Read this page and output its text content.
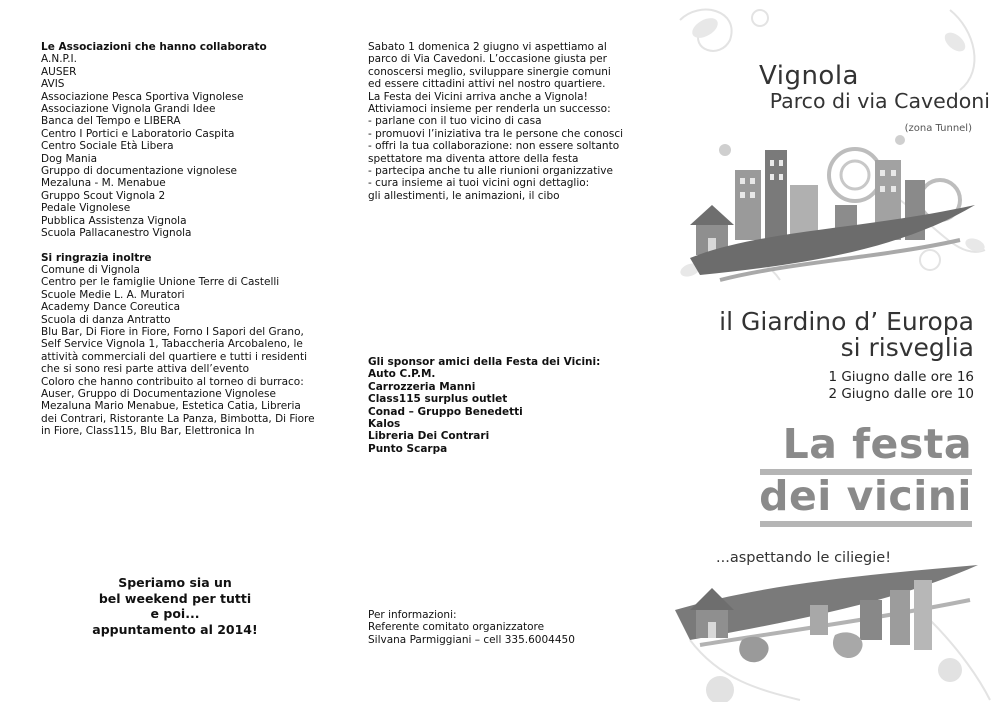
Le Associazioni che hanno collaborato
A.N.P.I.
AUSER
AVIS
Associazione Pesca Sportiva Vignolese
Associazione Vignola Grandi Idee
Banca del Tempo e LIBERA
Centro I Portici e Laboratorio Caspita
Centro Sociale Età Libera
Dog Mania
Gruppo di documentazione vignolese
Mezaluna - M. Menabue
Gruppo Scout Vignola 2
Pedale Vignolese
Pubblica Assistenza Vignola
Scuola Pallacanestro Vignola
Si ringrazia inoltre
Comune di Vignola
Centro per le famiglie Unione Terre di Castelli
Scuole Medie L. A. Muratori
Academy Dance Coreutica
Scuola di danza Antratto
Blu Bar, Di Fiore in Fiore, Forno I Sapori del Grano, Self Service Vignola 1, Tabaccheria Arcobaleno, le attività commerciali del quartiere e tutti i residenti che si sono resi parte attiva dell’evento
Coloro che hanno contribuito al torneo di burraco: Auser, Gruppo di Documentazione Vignolese Mezaluna Mario Menabue, Estetica Catia, Libreria dei Contrari, Ristorante La Panza, Bimbotta, Di Fiore in Fiore, Class115, Blu Bar, Elettronica In
Speriamo sia un
bel weekend per tutti
e poi...
appuntamento al 2014!
Sabato 1 domenica 2 giugno vi aspettiamo al
parco di Via Cavedoni. L’occasione giusta per
conoscersi meglio, sviluppare sinergie comuni
ed essere cittadini attivi nel nostro quartiere.
La Festa dei Vicini arriva anche a Vignola!
Attiviamoci insieme per renderla un successo:
- parlane con il tuo vicino di casa
- promuovi l’iniziativa tra le persone che conosci
- offri la tua collaborazione: non essere soltanto
spettatore ma diventa attore della festa
- partecipa anche tu alle riunioni organizzative
- cura insieme ai tuoi vicini ogni dettaglio:
gli allestimenti, le animazioni, il cibo
Gli sponsor amici della Festa dei Vicini:
Auto C.P.M.
Carrozzeria Manni
Class115 surplus outlet
Conad – Gruppo Benedetti
Kalos
Libreria Dei Contrari
Punto Scarpa
Per informazioni:
Referente comitato organizzatore
Silvana Parmiggiani – cell 335.6004450
Vignola
Parco di via Cavedoni
(zona Tunnel)
il Giardino d’ Europa
si risveglia
1 Giugno dalle ore 16
2 Giugno dalle ore 10
La festa
dei vicini
...aspettando le ciliegie!
